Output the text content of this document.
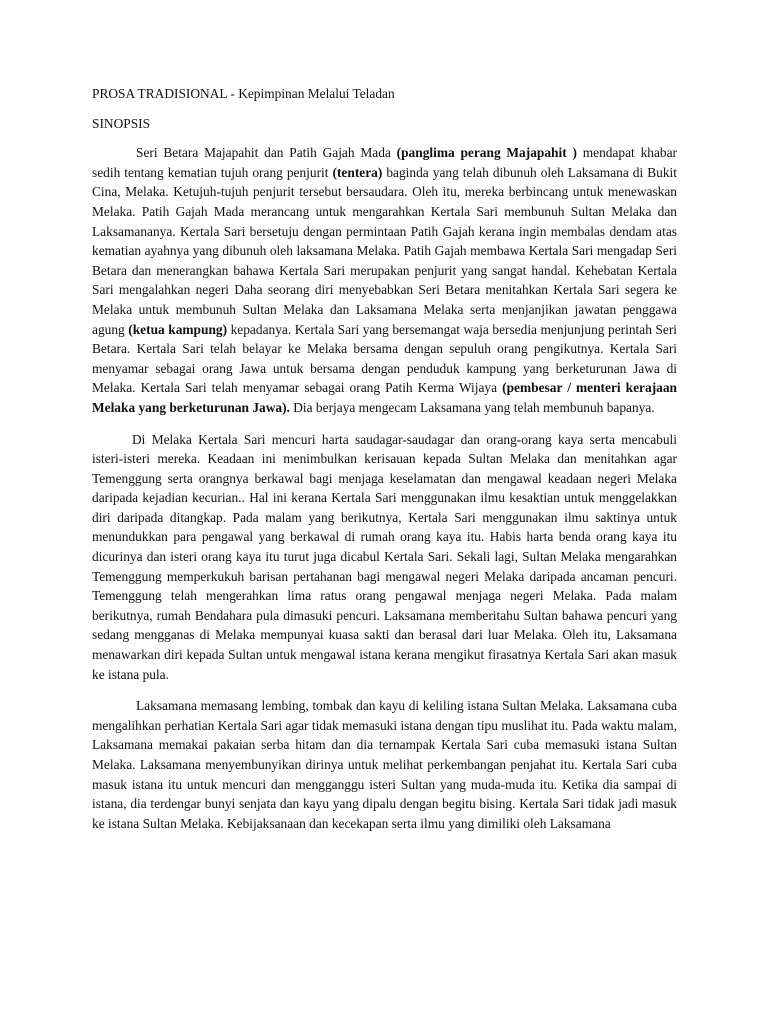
PROSA TRADISIONAL - Kepimpinan Melalui Teladan
SINOPSIS

Seri Betara Majapahit dan Patih Gajah Mada (panglima perang Majapahit ) mendapat khabar sedih tentang kematian tujuh orang penjurit (tentera) baginda yang telah dibunuh oleh Laksamana di Bukit Cina, Melaka. Ketujuh-tujuh penjurit tersebut bersaudara. Oleh itu, mereka berbincang untuk menewaskan Melaka. Patih Gajah Mada merancang untuk mengarahkan Kertala Sari membunuh Sultan Melaka dan Laksamananya. Kertala Sari bersetuju dengan permintaan Patih Gajah kerana ingin membalas dendam atas kematian ayahnya yang dibunuh oleh laksamana Melaka. Patih Gajah membawa Kertala Sari mengadap Seri Betara dan menerangkan bahawa Kertala Sari merupakan penjurit yang sangat handal. Kehebatan Kertala Sari mengalahkan negeri Daha seorang diri menyebabkan Seri Betara menitahkan Kertala Sari segera ke Melaka untuk membunuh Sultan Melaka dan Laksamana Melaka serta menjanjikan jawatan penggawa agung (ketua kampung) kepadanya. Kertala Sari yang bersemangat waja bersedia menjunjung perintah Seri Betara. Kertala Sari telah belayar ke Melaka bersama dengan sepuluh orang pengikutnya. Kertala Sari menyamar sebagai orang Jawa untuk bersama dengan penduduk kampung yang berketurunan Jawa di Melaka. Kertala Sari telah menyamar sebagai orang Patih Kerma Wijaya (pembesar / menteri kerajaan Melaka yang berketurunan Jawa). Dia berjaya mengecam Laksamana yang telah membunuh bapanya.

Di Melaka Kertala Sari mencuri harta saudagar-saudagar dan orang-orang kaya serta mencabuli isteri-isteri mereka. Keadaan ini menimbulkan kerisauan kepada Sultan Melaka dan menitahkan agar Temenggung serta orangnya berkawal bagi menjaga keselamatan dan mengawal keadaan negeri Melaka daripada kejadian kecurian.. Hal ini kerana Kertala Sari menggunakan ilmu kesaktian untuk menggelakkan diri daripada ditangkap. Pada malam yang berikutnya, Kertala Sari menggunakan ilmu saktinya untuk menundukkan para pengawal yang berkawal di rumah orang kaya itu. Habis harta benda orang kaya itu dicurinya dan isteri orang kaya itu turut juga dicabul Kertala Sari. Sekali lagi, Sultan Melaka mengarahkan Temenggung memperkukuh barisan pertahanan bagi mengawal negeri Melaka daripada ancaman pencuri. Temenggung telah mengerahkan lima ratus orang pengawal menjaga negeri Melaka. Pada malam berikutnya, rumah Bendahara pula dimasuki pencuri. Laksamana memberitahu Sultan bahawa pencuri yang sedang mengganas di Melaka mempunyai kuasa sakti dan berasal dari luar Melaka. Oleh itu, Laksamana menawarkan diri kepada Sultan untuk mengawal istana kerana mengikut firasatnya Kertala Sari akan masuk ke istana pula.

Laksamana memasang lembing, tombak dan kayu di keliling istana Sultan Melaka. Laksamana cuba mengalihkan perhatian Kertala Sari agar tidak memasuki istana dengan tipu muslihat itu. Pada waktu malam, Laksamana memakai pakaian serba hitam dan dia ternampak Kertala Sari cuba memasuki istana Sultan Melaka. Laksamana menyembunyikan dirinya untuk melihat perkembangan penjahat itu. Kertala Sari cuba masuk istana itu untuk mencuri dan mengganggu isteri Sultan yang muda-muda itu. Ketika dia sampai di istana, dia terdengar bunyi senjata dan kayu yang dipalu dengan begitu bising. Kertala Sari tidak jadi masuk ke istana Sultan Melaka. Kebijaksanaan dan kecekapan serta ilmu yang dimiliki oleh Laksamana
